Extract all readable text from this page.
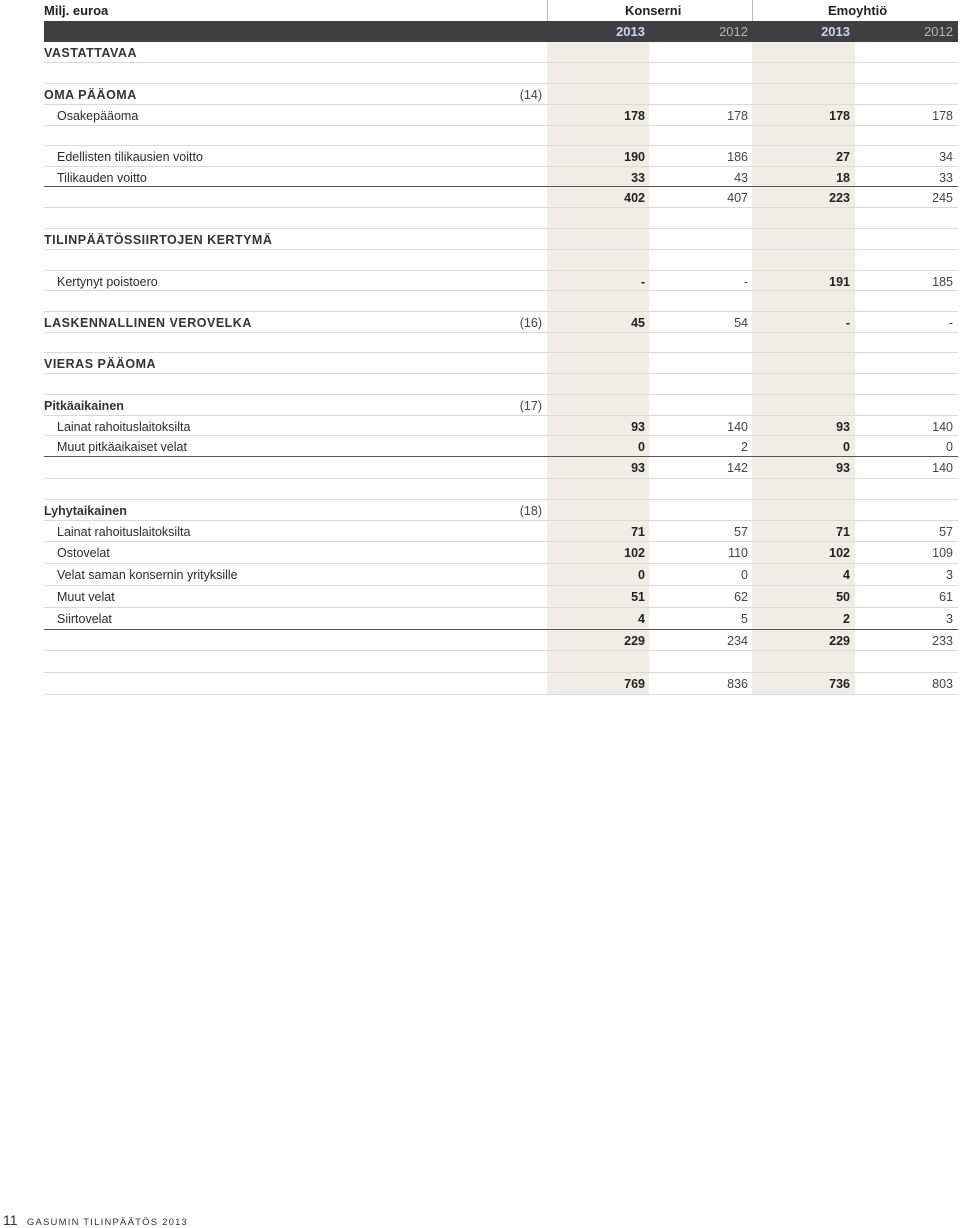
Milj. euroa	Konserni	Emoyhtiö
2013	2012	2013	2012
VASTATTAVAA
OMA PÄÄOMA	(14)
Osakepääoma	178	178	178	178
Edellisten tilikausien voitto	190	186	27	34
Tilikauden voitto	33	43	18	33
402	407	223	245
TILINPÄÄTÖSSIIRTOJEN KERTYMÄ
Kertynyt poistoero	-	-	191	185
LASKENNALLINEN VEROVELKA	(16)	45	54	-	-
VIERAS PÄÄOMA
Pitkäaikainen	(17)
Lainat rahoituslaitoksilta	93	140	93	140
Muut pitkäaikaiset velat	0	2	0	0
93	142	93	140
Lyhytaikainen	(18)
Lainat rahoituslaitoksilta	71	57	71	57
Ostovelat	102	110	102	109
Velat saman konsernin yrityksille	0	0	4	3
Muut velat	51	62	50	61
Siirtovelat	4	5	2	3
229	234	229	233
769	836	736	803
11 GASUMIN TILINPÄÄTÖS 2013
